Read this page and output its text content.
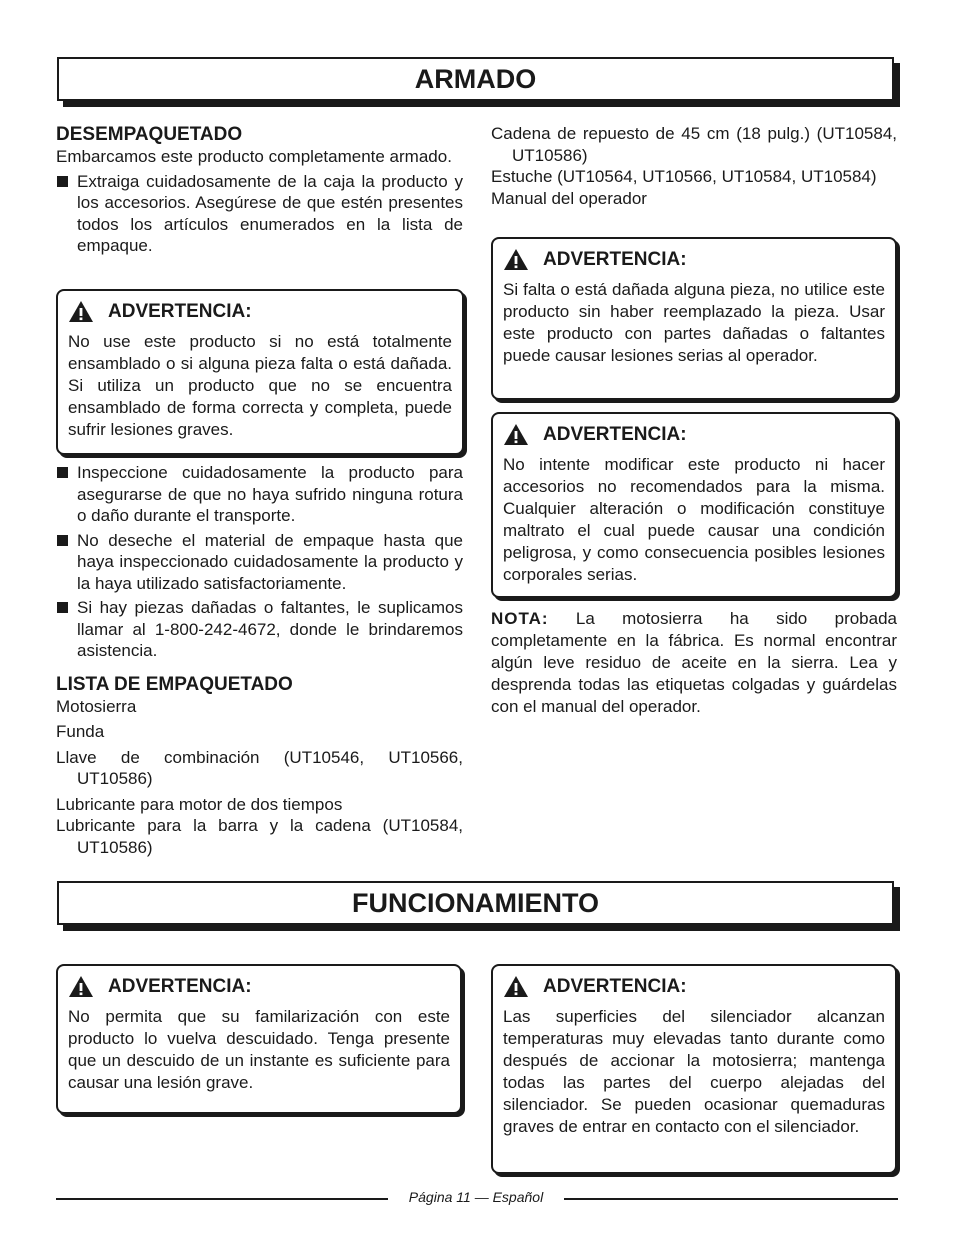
ARMADO
DESEMPAQUETADO

Embarcamos este producto completamente armado.

Extraiga cuidadosamente de la caja la producto y los accesorios. Asegúrese de que estén presentes todos los artículos enumerados en la lista de empaque.

ADVERTENCIA:
No use este producto si no está totalmente ensamblado o si alguna pieza falta o está dañada. Si utiliza un producto que no se encuentra ensamblado de forma correcta y completa, puede sufrir lesiones graves.

Inspeccione cuidadosamente la producto para asegurarse de que no haya sufrido ninguna rotura o daño durante el transporte.

No deseche el material de empaque hasta que haya inspeccionado cuidadosamente la producto y la haya utilizado satisfactoriamente.

Si hay piezas dañadas o faltantes, le suplicamos llamar al 1-800-242-4672, donde le brindaremos asistencia.

LISTA DE EMPAQUETADO

Motosierra

Funda

Llave de combinación (UT10546, UT10566, UT10586)

Lubricante para motor de dos tiempos

Lubricante para la barra y la cadena (UT10584, UT10586)

Cadena de repuesto de 45 cm (18 pulg.) (UT10584, UT10586)

Estuche (UT10564, UT10566, UT10584, UT10584)

Manual del operador

ADVERTENCIA:
Si falta o está dañada alguna pieza, no utilice este producto sin haber reemplazado la pieza. Usar este producto con partes dañadas o faltantes puede causar lesiones serias al operador.
ADVERTENCIA:
No intente modificar este producto ni hacer accesorios no recomendados para la misma. Cualquier alteración o modificación constituye maltrato el cual puede causar una condición peligrosa, y como consecuencia posibles lesiones corporales serias.
NOTA: La motosierra ha sido probada completamente en la fábrica. Es normal encontrar algún leve residuo de aceite en la sierra. Lea y desprenda todas las etiquetas colgadas y guárdelas con el manual del operador.
FUNCIONAMIENTO
ADVERTENCIA:
No permita que su familarización con este producto lo vuelva descuidado. Tenga presente que un descuido de un instante es suficiente para causar una lesión grave.
ADVERTENCIA:
Las superficies del silenciador alcanzan temperaturas muy elevadas tanto durante como después de accionar la motosierra; mantenga todas las partes del cuerpo alejadas del silenciador. Se pueden ocasionar quemaduras graves de entrar en contacto con el silenciador.
Página 11 — Español
